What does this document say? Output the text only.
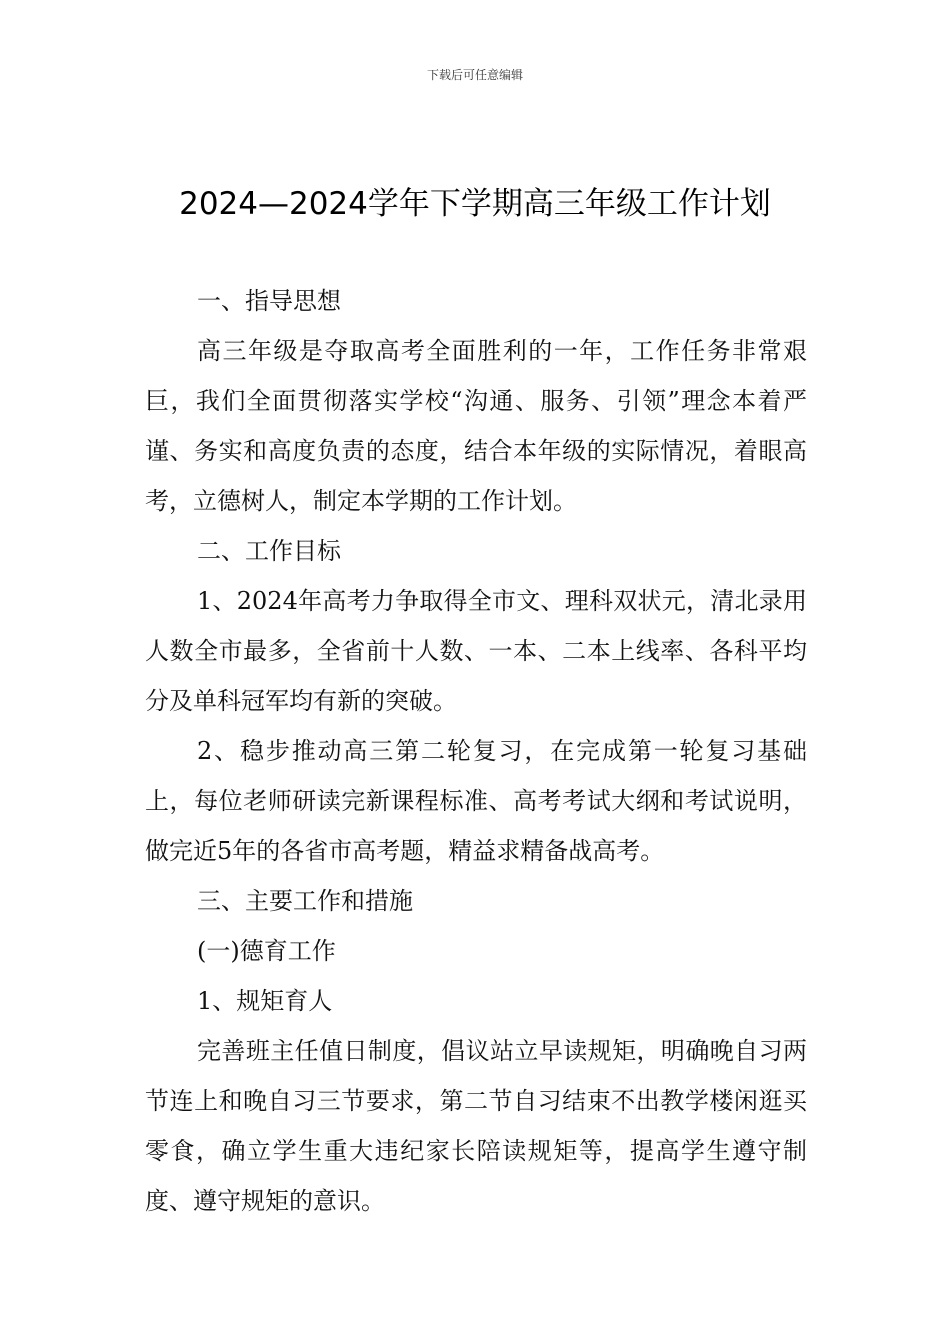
下载后可任意编辑
2024—2024学年下学期高三年级工作计划

一、指导思想

高三年级是夺取高考全面胜利的一年，工作任务非常艰巨，我们全面贯彻落实学校“沟通、服务、引领”理念本着严谨、务实和高度负责的态度，结合本年级的实际情况，着眼高考，立德树人，制定本学期的工作计划。

二、工作目标

1、2024年高考力争取得全市文、理科双状元，清北录用人数全市最多，全省前十人数、一本、二本上线率、各科平均分及单科冠军均有新的突破。

2、稳步推动高三第二轮复习，在完成第一轮复习基础上，每位老师研读完新课程标准、高考考试大纲和考试说明，做完近5年的各省市高考题，精益求精备战高考。

三、主要工作和措施

(一)德育工作

1、规矩育人

完善班主任值日制度，倡议站立早读规矩，明确晚自习两节连上和晚自习三节要求，第二节自习结束不出教学楼闲逛买零食，确立学生重大违纪家长陪读规矩等，提高学生遵守制度、遵守规矩的意识。
